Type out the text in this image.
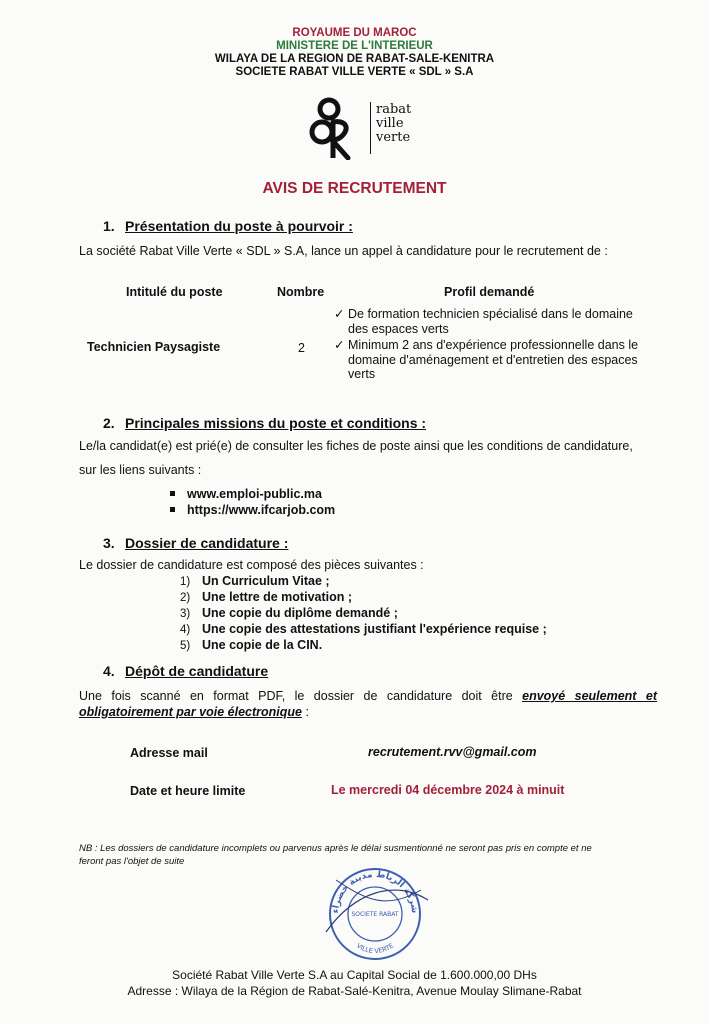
ROYAUME DU MAROC
MINISTERE DE L'INTERIEUR
WILAYA DE LA REGION DE RABAT-SALE-KENITRA
SOCIETE RABAT VILLE VERTE « SDL » S.A
rabat
ville
verte
AVIS DE RECRUTEMENT
1. Présentation du poste à pourvoir :
La société Rabat Ville Verte « SDL » S.A, lance un appel à candidature pour le recrutement de :
Intitulé du poste	Nombre	Profil demandé
Technicien Paysagiste	2
✓ De formation technicien spécialisé dans le domaine des espaces verts
✓ Minimum 2 ans d'expérience professionnelle dans le domaine d'aménagement et d'entretien des espaces verts
2. Principales missions du poste et conditions :
Le/la candidat(e) est prié(e) de consulter les fiches de poste ainsi que les conditions de candidature,
sur les liens suivants :
www.emploi-public.ma
https://www.ifcarjob.com
3. Dossier de candidature :
Le dossier de candidature est composé des pièces suivantes :
1) Un Curriculum Vitae ;
2) Une lettre de motivation ;
3) Une copie du diplôme demandé ;
4) Une copie des attestations justifiant l'expérience requise ;
5) Une copie de la CIN.
4. Dépôt de candidature
Une fois scanné en format PDF, le dossier de candidature doit être envoyé seulement et
obligatoirement par voie électronique :
Adresse mail	recrutement.rvv@gmail.com
Date et heure limite	Le mercredi 04 décembre 2024 à minuit
NB : Les dossiers de candidature incomplets ou parvenus après le délai susmentionné ne seront pas pris en compte et ne
feront pas l'objet de suite
شركة الرباط مدينة خضراء
VILLE VERTE
SOCIETE RABAT
Société Rabat Ville Verte S.A au Capital Social de 1.600.000,00 DHs
Adresse : Wilaya de la Région de Rabat-Salé-Kenitra, Avenue Moulay Slimane-Rabat
